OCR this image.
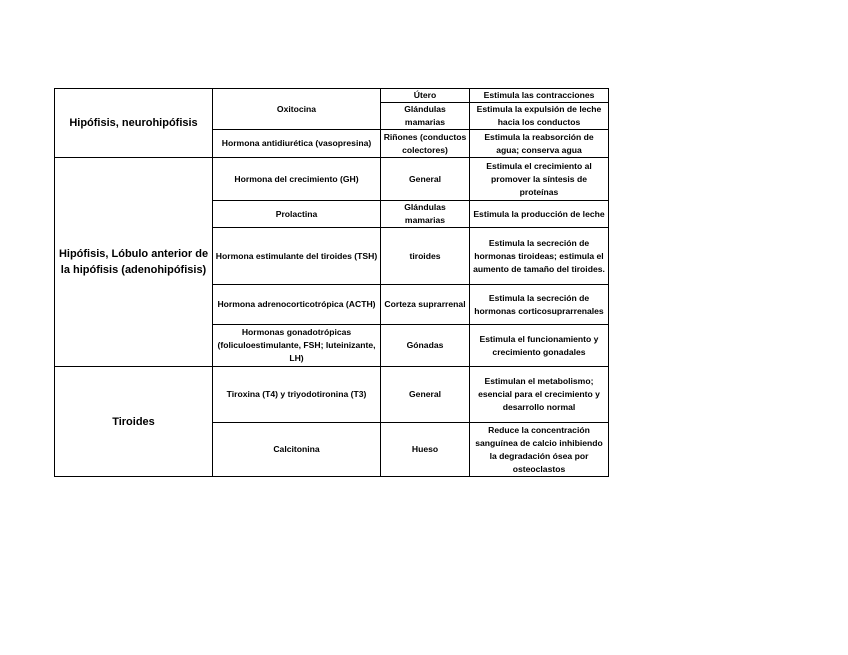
Hipófisis, neurohipófisis	Oxitocina	Útero	Estimula las contracciones
		Glándulas mamarias	Estimula la expulsión de leche hacia los conductos

	Hormona antidiurética (vasopresina)	Riñones (conductos colectores)	Estimula la reabsorción de agua; conserva agua

Hipófisis, Lóbulo anterior de la hipófisis (adenohipófisis)	Hormona del crecimiento (GH)	General	Estimula el crecimiento al promover la síntesis de proteínas
	Prolactina	Glándulas mamarias	Estimula la producción de leche
	Hormona estimulante del tiroides (TSH)	tiroides	Estimula la secreción de hormonas tiroideas; estimula el aumento de tamaño del tiroides.
	Hormona adrenocorticotrópica (ACTH)	Corteza suprarrenal	Estimula la secreción de hormonas corticosuprarrenales
	Hormonas gonadotrópicas (foliculoestimulante, FSH; luteinizante, LH)	Gónadas	Estimula el funcionamiento y crecimiento gonadales
Tiroides	Tiroxina (T4) y triyodotironina (T3)	General	Estimulan el metabolismo; esencial para el crecimiento y desarrollo normal
	Calcitonina	Hueso	Reduce la concentración sanguínea de calcio inhibiendo la degradación ósea por osteoclastos
